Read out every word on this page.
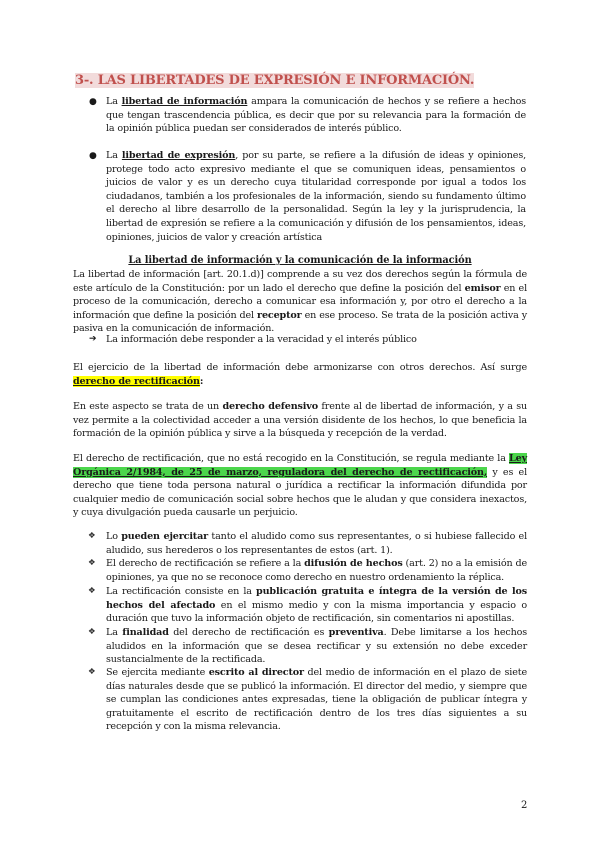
3-. LAS LIBERTADES DE EXPRESIÓN E INFORMACIÓN.
● La libertad de información ampara la comunicación de hechos y se refiere a hechos que tengan trascendencia pública, es decir que por su relevancia para la formación de la opinión pública puedan ser considerados de interés público.
● La libertad de expresión, por su parte, se refiere a la difusión de ideas y opiniones, protege todo acto expresivo mediante el que se comuniquen ideas, pensamientos o juicios de valor y es un derecho cuya titularidad corresponde por igual a todos los ciudadanos, también a los profesionales de la información, siendo su fundamento último el derecho al libre desarrollo de la personalidad. Según la ley y la jurisprudencia, la libertad de expresión se refiere a la comunicación y difusión de los pensamientos, ideas, opiniones, juicios de valor y creación artística
La libertad de información y la comunicación de la información
La libertad de información [art. 20.1.d)] comprende a su vez dos derechos según la fórmula de este artículo de la Constitución: por un lado el derecho que define la posición del emisor en el proceso de la comunicación, derecho a comunicar esa información y, por otro el derecho a la información que define la posición del receptor en ese proceso. Se trata de la posición activa y pasiva en la comunicación de información.
➔ La información debe responder a la veracidad y el interés público
El ejercicio de la libertad de información debe armonizarse con otros derechos. Así surge derecho de rectificación:
En este aspecto se trata de un derecho defensivo frente al de libertad de información, y a su vez permite a la colectividad acceder a una versión disidente de los hechos, lo que beneficia la formación de la opinión pública y sirve a la búsqueda y recepción de la verdad.
El derecho de rectificación, que no está recogido en la Constitución, se regula mediante la Ley Orgánica 2/1984, de 25 de marzo, reguladora del derecho de rectificación, y es el derecho que tiene toda persona natural o jurídica a rectificar la información difundida por cualquier medio de comunicación social sobre hechos que le aludan y que considera inexactos, y cuya divulgación pueda causarle un perjuicio.
❖ Lo pueden ejercitar tanto el aludido como sus representantes, o si hubiese fallecido el aludido, sus herederos o los representantes de estos (art. 1).
❖ El derecho de rectificación se refiere a la difusión de hechos (art. 2) no a la emisión de opiniones, ya que no se reconoce como derecho en nuestro ordenamiento la réplica.
❖ La rectificación consiste en la publicación gratuita e íntegra de la versión de los hechos del afectado en el mismo medio y con la misma importancia y espacio o duración que tuvo la información objeto de rectificación, sin comentarios ni apostillas.
❖ La finalidad del derecho de rectificación es preventiva. Debe limitarse a los hechos aludidos en la información que se desea rectificar y su extensión no debe exceder sustancialmente de la rectificada.
❖ Se ejercita mediante escrito al director del medio de información en el plazo de siete días naturales desde que se publicó la información. El director del medio, y siempre que se cumplan las condiciones antes expresadas, tiene la obligación de publicar íntegra y gratuitamente el escrito de rectificación dentro de los tres días siguientes a su recepción y con la misma relevancia.
2
